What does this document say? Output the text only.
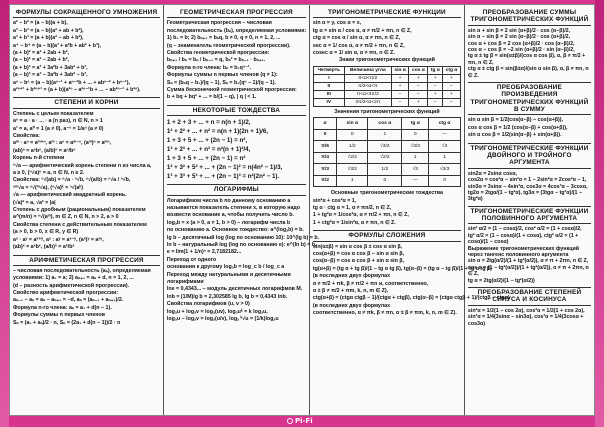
ФОРМУЛЫ СОКРАЩЕННОГО УМНОЖЕНИЯ
a² − b² = (a − b)(a + b),
a³ − b³ = (a − b)(a² + ab + b²),
a³ + b³ = (a + b)(a² − ab + b²),
a⁴ − b⁴ = (a − b)(a³ + a²b + ab² + b³),
(a + b)² = a² + 2ab + b²,
(a − b)² = a² − 2ab + b²,
(a + b)³ = a³ + 3a²b + 3ab² + b³,
(a − b)³ = a³ − 3a²b + 3ab² − b³,
aⁿ − bⁿ = (a − b)(aⁿ⁻¹ + aⁿ⁻²b + ... + abⁿ⁻² + bⁿ⁻¹),
a²ⁿ⁺¹ + b²ⁿ⁺¹ = (a + b)(a²ⁿ − a²ⁿ⁻¹b + ... − ab²ⁿ⁻¹ + b²ⁿ).
СТЕПЕНИ И КОРНИ
Степень с целым показателем
aⁿ = a · a · ... · a (n раз), n ∈ N, n > 1
a¹ = a, a⁰ = 1 (a ≠ 0), a⁻ⁿ = 1/aⁿ (a ≠ 0)
Свойства:
aᵐ · aⁿ = aᵐ⁺ⁿ, aᵐ : aⁿ = aᵐ⁻ⁿ, (aᵐ)ⁿ = aᵐⁿ,
(ab)ⁿ = aⁿbⁿ, (a/b)ⁿ = aⁿ/bⁿ
Корень n-й степени
ⁿ√a — арифметический корень степени n из числа a,
a ≥ 0, (ⁿ√a)ⁿ = a, n ∈ N, n ≥ 2.
Свойства: ⁿ√(ab) = ⁿ√a · ⁿ√b, ⁿ√(a/b) = ⁿ√a / ⁿ√b,
ⁿᵐ√a = ⁿ√(ᵐ√a), (ⁿ√a)ᵏ = ⁿ√(aᵏ)
√a — арифметический квадратный корень.
(√a)² = a, √a² = |a|
Степень с дробным (рациональным) показателем
a^(m/n) = ⁿ√(aᵐ), m ∈ Z, n ∈ N, n > 2, a > 0
Свойства степени с действительным показателем
(a > 0, b > 0, x ∈ R, y ∈ R)
aˣ · aʸ = aˣ⁺ʸ, aˣ : aʸ = aˣ⁻ʸ, (aˣ)ʸ = aˣʸ,
(ab)ˣ = aˣbˣ, (a/b)ˣ = aˣ/bˣ
АРИФМЕТИЧЕСКАЯ ПРОГРЕССИЯ
– числовая последовательность (aₙ), определяемая
условиями: 1) a₁ = a; 2) aₙ₊₁ = aₙ + d, n = 1, 2, ...
(d – разность арифметической прогрессии).
Свойство арифметической прогрессии:
aₙ₋₁ − aₙ = aₙ − aₙ₊₁ = −d, aₙ = (aₙ₋₁ + aₙ₊₁)/2.
Формула n-го члена: aₙ = a₁ + d(n − 1).
Формулы суммы n первых членов
Sₙ = (a₁ + aₙ)/2 · n, Sₙ = (2a₁ + d(n − 1))/2 · n
ГЕОМЕТРИЧЕСКАЯ ПРОГРЕССИЯ
Геометрическая прогрессия – числовая
последовательность (bₙ), определяемая условиями:
1) b₁ = b; 2) bₙ₊₁ = bₙq, b ≠ 0, q ≠ 0, n = 1, 2, ...
(q – знаменатель геометрической прогрессии).
Свойства геометрической прогрессии:
bₙ₊₁ / bₙ = bₙ / bₙ₋₁ = q, bₙ² = bₙ₋₁ · bₙ₊₁.
Формула n-го члена: bₙ = b₁qⁿ⁻¹.
Формулы суммы n первых членов (q ≠ 1):
Sₙ = (bₙq − b₁)/(q − 1), Sₙ = b₁(qⁿ − 1)/(q − 1).
Сумма бесконечной геометрической прогрессии:
b + bq + bq² + ... = b/(1 − q), | q | < 1.
НЕКОТОРЫЕ ТОЖДЕСТВА
1 + 2 + 3 + ... + n = n(n + 1)/2,
1² + 2² + ... + n² = n(n + 1)(2n + 1)/6,
1 + 3 + 5 + ... + (2n − 1) = n²,
1³ + 2³ + ... + n³ = n²(n + 1)²/4,
1 + 3 + 5 + ... + (2n − 1) = n²
1² + 3² + 5² + ... + (2n − 1)² = n(4n² − 1)/3,
1³ + 3³ + 5³ + ... + (2n − 1)³ = n²(2n² − 1).
ЛОГАРИФМЫ
Логарифмом числа b по данному основанию a
называется показатель степени x, в которую надо
возвести основание a, чтобы получить число b.
logₐb = x (a > 0, a ≠ 1, b > 0) – логарифм числа b
по основанию a. Основное тождество: a^(logₐb) = b.
lg b – десятичный log (log по основанию 10): 10^(lg b) = b.
ln b – натуральный log (log по основанию e): e^(ln b) = b,
e = lim(1 + 1/n)ⁿ = 2,7182182...
Переход от одного
основания к другому logₐb = log_c b / log_c a
Переход между натуральными и десятичными
логарифмами
lne = 0,4343... – модуль десятичных логарифмов M.
lnb = (1/M)lg b = 2,302585 lg b, lg b = 0,4343 lnb.
Свойства логарифмов (u, v > 0)
logₐu + logₐv = logₐ(uv), logₐuᵏ = k logₐu,
logₐu − logₐv = logₐ(u/v), logₐ ᵏ√u = (1/k)logₐu
ТРИГОНОМЕТРИЧЕСКИЕ ФУНКЦИИ
sin α = y, cos α = x,
tg α = sin α / cos α, α ≠ π/2 + πn, n ∈ Z,
ctg α = cos α / sin α, α ≠ πn, n ∈ Z,
sec α = 1/ cos α, α ≠ π/2 + πn, n ∈ Z,
cosec α = 1/ sin α, α ≠ πn, n ∈ Z.
Знаки тригонометрических функций
Четверть	Величина угла	sin α	cos α	tg α	ctg α
I	0<α<π/2	+	+	+	+
II	π/2<α<π	+	−	−	−
III	π<α<3π/2	−	−	+	+
IV	3π/2<α<2π	−	+	−	−
Значения тригонометрических функций
α	sin α	cos α	tg α	ctg α
0	0	1	0	—
π/6	1/2	√3/2	√3/3	√3
π/4	√2/2	√2/2	1	1
π/3	√3/2	1/2	√3	√3/3
π/2	1	0	—	0
Основные тригонометрические тождества
sin²α + cos²α = 1,
tg α · ctg α = 1, α ≠ πn/2, n ∈ Z,
1 + tg²α = 1/cos²α, α ≠ π/2 + πn, n ∈ Z,
1 + ctg²α = 1/sin²α, α ≠ πn, n ∈ Z.
ФОРМУЛЫ СЛОЖЕНИЯ
sin(α±β) = sin α cos β ± cos α sin β,
cos(α+β) = cos α cos β − sin α sin β,
cos(α−β) = cos α cos β + sin α sin β,
tg(α+β) = (tg α + tg β)/(1 − tg α tg β), tg(α−β) = (tg α − tg β)/(1 + tg α tg β)
(в последних двух формулах
α ≠ π/2 + πk, β ≠ π/2 + πn и, соответственно,
α ± β ≠ π/2 + πm, k, n, m ∈ Z),
ctg(α+β) = (ctgα ctgβ − 1)/(ctgα + ctgβ), ctg(α−β) = (ctgα ctgβ + 1)/(ctgβ − ctgα)
(в последних двух формулах
соответственно, α ≠ πk, β ≠ πn, α ± β ≠ πm, k, n, m ∈ Z).
ПРЕОБРАЗОВАНИЕ СУММЫ ТРИГОНОМЕТРИЧЕСКИХ ФУНКЦИЙ
sin α + sin β = 2 sin (α+β)/2 · cos (α−β)/2,
sin α − sin β = 2 sin (α−β)/2 · cos (α+β)/2,
cos α + cos β = 2 cos (α+β)/2 · cos (α−β)/2,
cos α − cos β = −2 sin (α+β)/2 · sin (α−β)/2,
tg α ± tg β = sin(α±β)/(cos α cos β), α, β ≠ π/2 + πn, n ∈ Z,
ctg α ± ctg β = sin(β±α)/(sin α sin β), α, β ≠ πn, n ∈ Z.
ПРЕОБРАЗОВАНИЕ ПРОИЗВЕДЕНИЯ ТРИГОНОМЕТРИЧЕСКИХ ФУНКЦИЙ В СУММУ
sin α sin β = 1/2(cos(α−β) − cos(α+β)),
cos α cos β = 1/2 (cos(α−β) + cos(α+β)),
sin α cos β = 1/2(sin(α−β) + sin(α+β)).
ТРИГОНОМЕТРИЧЕСКИЕ ФУНКЦИИ ДВОЙНОГО И ТРОЙНОГО АРГУМЕНТА
sin2α = 2sinα cosα,
cos2α = cos²α − sin²α = 1 − 2sin²α = 2cos²α − 1,
sin3α = 3sinα − 4sin³α, cos3α = 4cos³α − 3cosα,
tg2α = 2tgα/(1 − tg²α), tg3α = (3tgα − tg³α)/(1 − 3tg²α)
ТРИГОНОМЕТРИЧЕСКИЕ ФУНКЦИИ ПОЛОВИННОГО АРГУМЕНТА
sin² α/2 = (1 − cosα)/2, cos² α/2 = (1 + cosα)/2,
tg² α/2 = (1 − cosα)/(1 + cosα), ctg² α/2 = (1 + cosα)/(1 − cosα)
Выражение тригонометрических функций
через тангенс половинного аргумента
sin α = 2tg(α/2)/(1 + tg²(α/2)), α ≠ π + 2πn, n ∈ Z,
cos α = (1 − tg²(α/2))/(1 + tg²(α/2)), α ≠ π + 2πn, n ∈ Z,
tg α = 2tg(α/2)/(1 − tg²(α/2))
ПРЕОБРАЗОВАНИЕ СТЕПЕНЕЙ СИНУСА И КОСИНУСА
sin²α = 1/2(1 − cos 2α), cos²α = 1/2(1 + cos 2α),
sin³α = 1/4(3sinα − sin3α), cos³α = 1/4(3cosα + cos3α)
Pi-Fi
